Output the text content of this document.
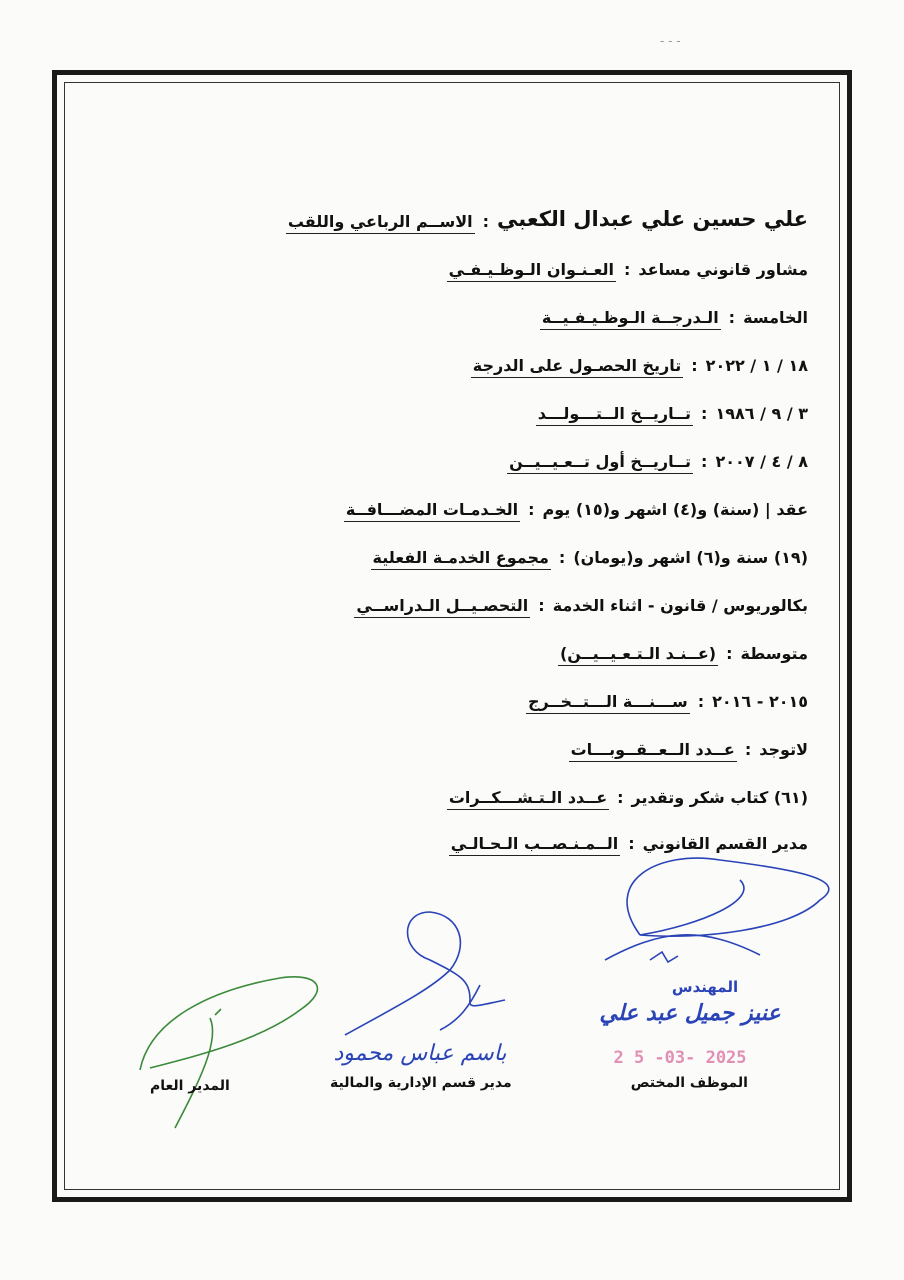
- - -
الاســم الرباعي واللقب : علي حسين علي عبدال الكعبي
العـنـوان الـوظـيـفـي : مشاور قانوني مساعد
الـدرجــة الـوظـيـفـيــة : الخامسة
تاريخ الحصـول على الدرجة : ١٨ / ١ / ٢٠٢٢
تــاريــخ الــتـــولـــد : ٣ / ٩ / ١٩٨٦
تــاريــخ أول تــعـيــيــن : ٨ / ٤ / ٢٠٠٧
الخـدمـات المضـــافــة : عقد | (سنة) و(٤) اشهر و(١٥) يوم
مجموع الخدمـة الفعلية : (١٩) سنة و(٦) اشهر و(يومان)
التحصـيــل الـدراســي : بكالوريوس / قانون - اثناء الخدمة
(عــنـد الـتـعـيــيــن) : متوسطة
ســـنـــة الـــتــخــرج : ٢٠١٥ - ٢٠١٦
عــدد الــعــقــوبـــات : لاتوجد
عــدد الـتـشـــكــرات : (٦١) كتاب شكر وتقدير
الــمـنـصــب الـحـالـي : مدير القسم القانوني
المهندس
عنيز جميل عبد علي
2 5 -03- 2025
باسم عباس محمود
الموظف المختص
مدير قسم الإدارية والمالية
المدير العام
